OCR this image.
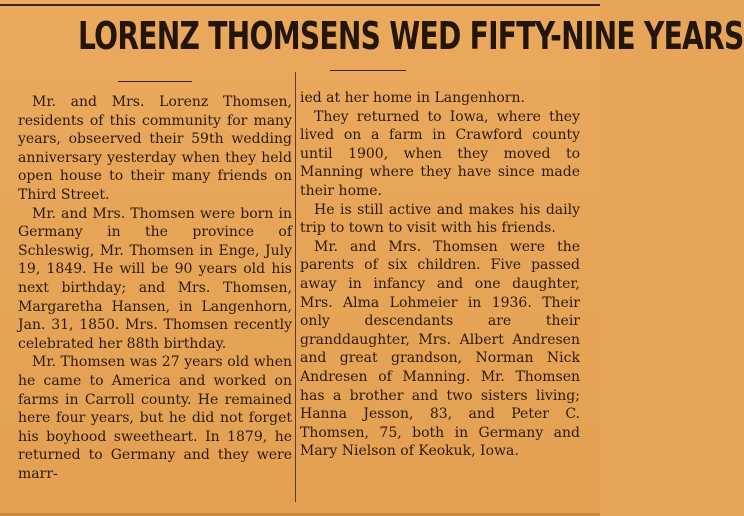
LORENZ THOMSENS WED FIFTY-NINE YEARS

Mr. and Mrs. Lorenz Thomsen, residents of this community for many years, obseerved their 59th wedding anniversary yesterday when they held open house to their many friends on Third Street.

Mr. and Mrs. Thomsen were born in Germany in the province of Schleswig, Mr. Thomsen in Enge, July 19, 1849. He will be 90 years old his next birthday; and Mrs. Thomsen, Margaretha Hansen, in Langenhorn, Jan. 31, 1850. Mrs. Thomsen recently celebrated her 88th birthday.

Mr. Thomsen was 27 years old when he came to America and worked on farms in Carroll county. He remained here four years, but he did not forget his boyhood sweetheart. In 1879, he returned to Germany and they were marr-

ied at her home in Langenhorn.

They returned to Iowa, where they lived on a farm in Crawford county until 1900, when they moved to Manning where they have since made their home.

He is still active and makes his daily trip to town to visit with his friends.

Mr. and Mrs. Thomsen were the parents of six children. Five passed away in infancy and one daughter, Mrs. Alma Lohmeier in 1936. Their only descendants are their granddaughter, Mrs. Albert Andresen and great grandson, Norman Nick Andresen of Manning. Mr. Thomsen has a brother and two sisters living; Hanna Jesson, 83, and Peter C. Thomsen, 75, both in Germany and Mary Nielson of Keokuk, Iowa.
